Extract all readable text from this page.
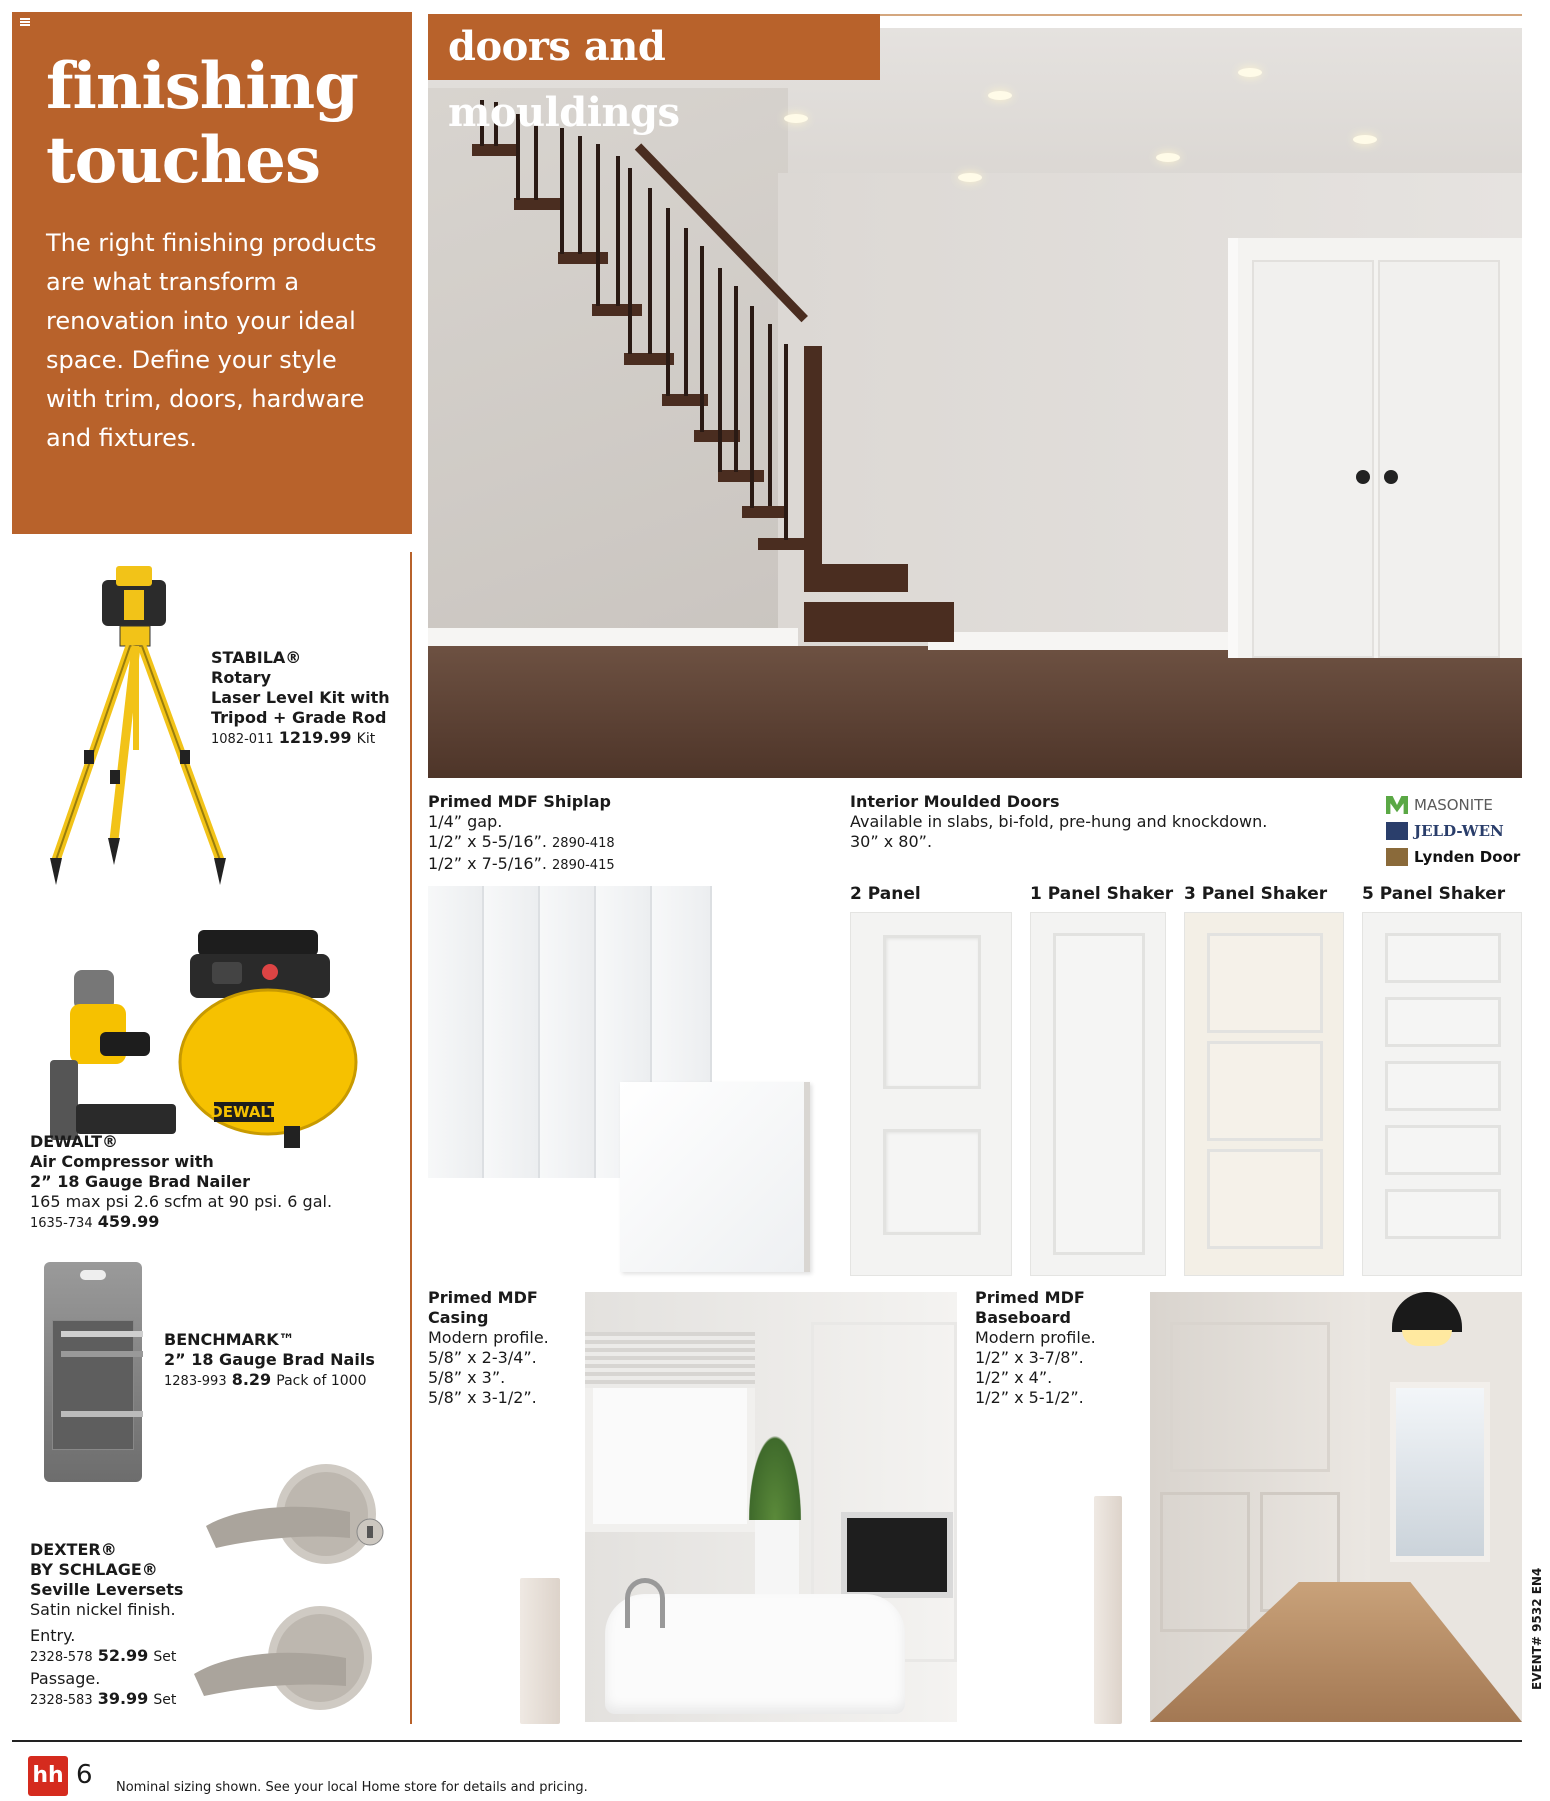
finishing
touches

The right finishing products are what transform a renovation into your ideal space. Define your style with trim, doors, hardware and fixtures.

doors and mouldings
STABILA®
Rotary
Laser Level Kit with
Tripod + Grade Rod
1082-011 1219.99 Kit
DEWALT
DEWALT®
Air Compressor with
2” 18 Gauge Brad Nailer
165 max psi 2.6 scfm at 90 psi. 6 gal.
1635-734 459.99
BENCHMARK™
2” 18 Gauge Brad Nails
1283-993 8.29 Pack of 1000
DEXTER®
BY SCHLAGE®
Seville Leversets
Satin nickel finish.
Entry.
2328-578 52.99 Set
Passage.
2328-583 39.99 Set
Primed MDF Shiplap
1/4” gap.
1/2” x 5-5/16”. 2890-418
1/2” x 7-5/16”. 2890-415
Interior Moulded Doors
Available in slabs, bi-fold, pre-hung and knockdown.
30” x 80”.
MASONITE
JELD-WEN
Lynden Door
2 Panel	1 Panel Shaker 3 Panel Shaker 5 Panel Shaker
Primed MDF
Casing
Modern profile.
5/8” x 2-3/4”.
5/8” x 3”.
5/8” x 3-1/2”.
Primed MDF
Baseboard
Modern profile.
1/2” x 3-7/8”.
1/2” x 4”.
1/2” x 5-1/2”.
hh 6 Nominal sizing shown. See your local Home store for details and pricing.
EVENT# 9532 EN4
